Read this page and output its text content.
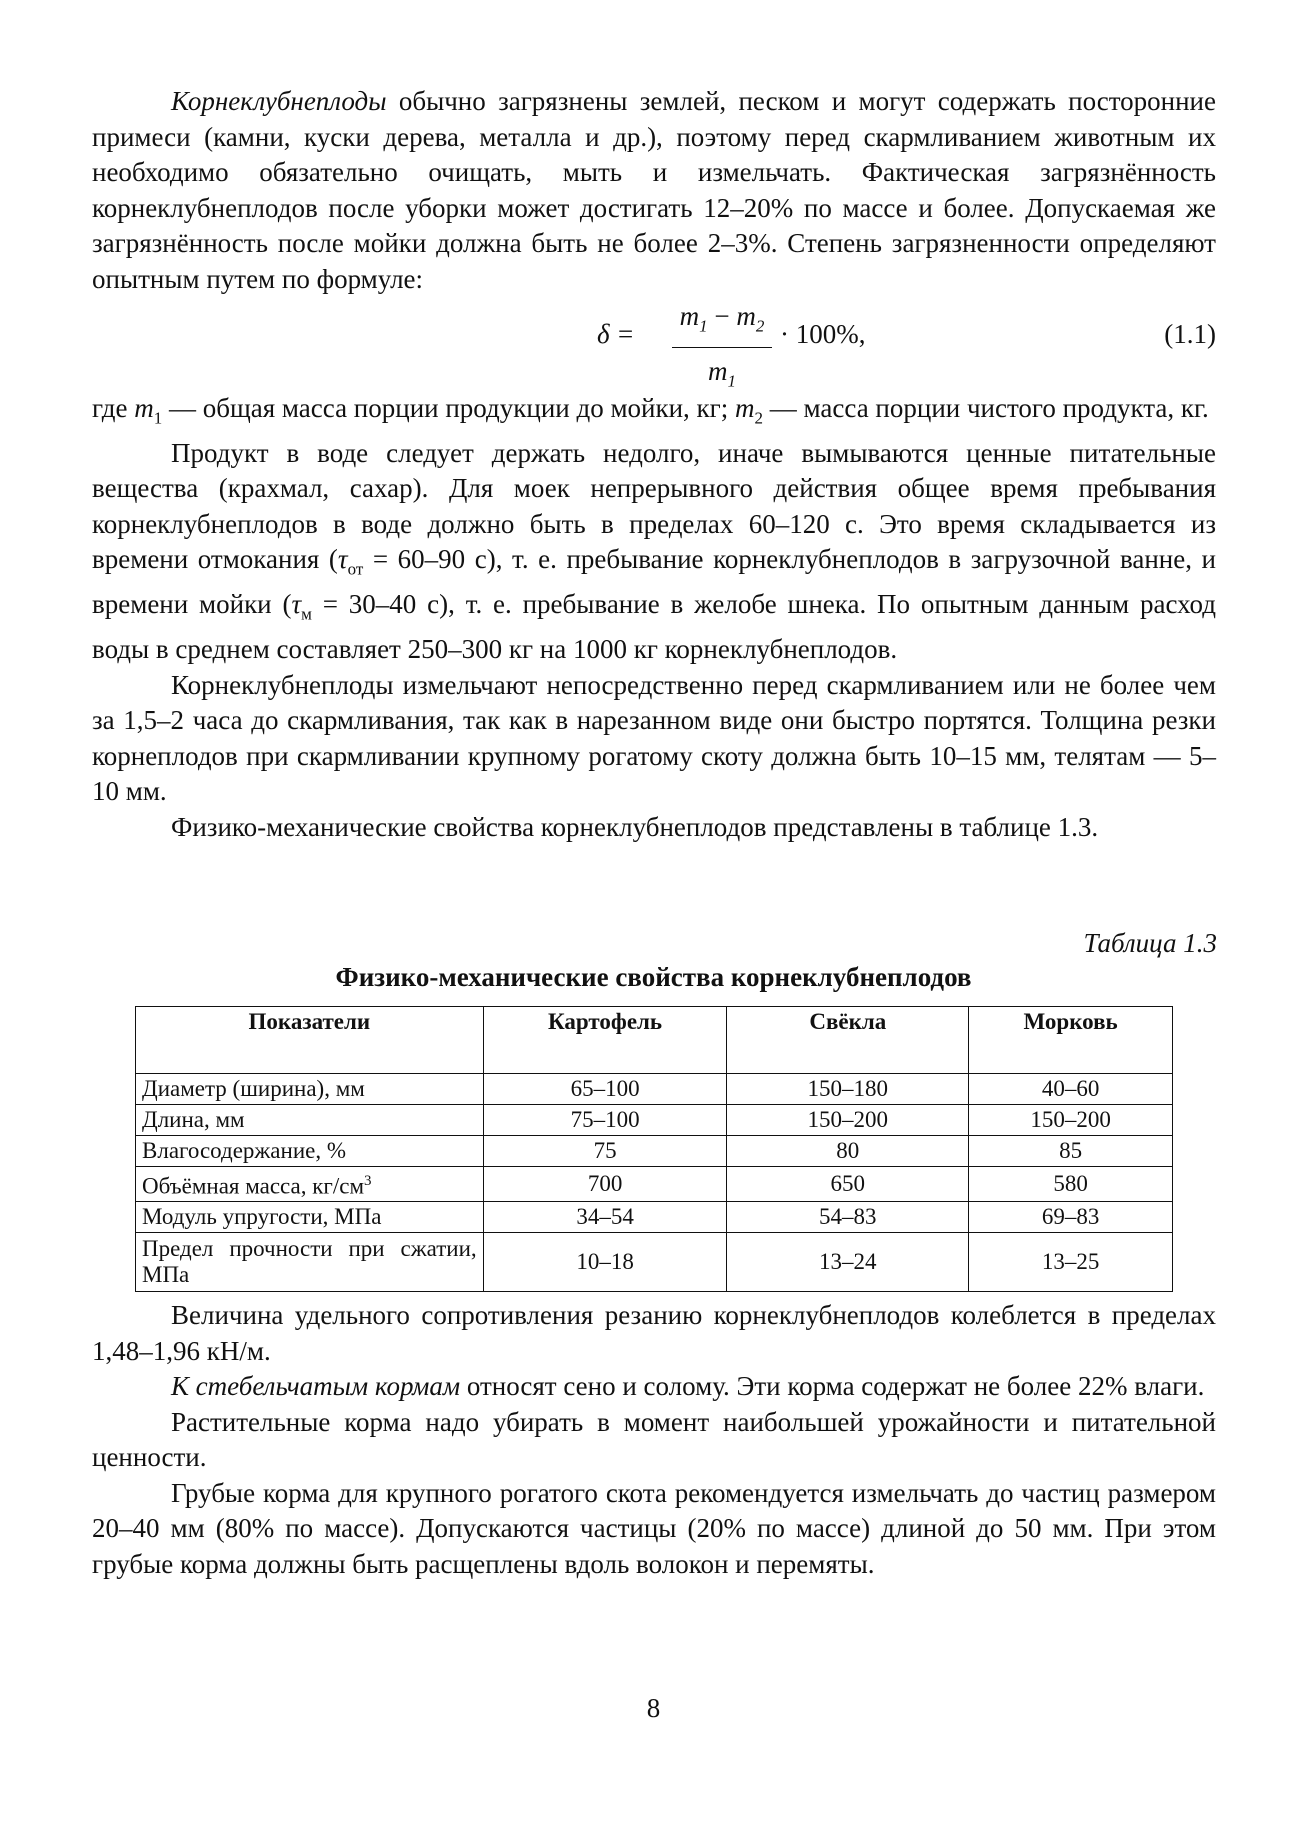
Корнеклубнеплоды обычно загрязнены землей, песком и могут содержать посторонние примеси (камни, куски дерева, металла и др.), поэтому перед скармливанием животным их необходимо обязательно очищать, мыть и измельчать. Фактическая загрязнённость корнеклубнеплодов после уборки может достигать 12–20% по массе и более. Допускаемая же загрязнённость после мойки должна быть не более 2–3%. Степень загрязненности определяют опытным путем по формуле:

$\delta = \frac{m_1 - m_2}{m_1} \cdot 100\%$,	(1.1)

где $m_1$ — общая масса порции продукции до мойки, кг; $m_2$ — масса порции чистого продукта, кг.

Продукт в воде следует держать недолго, иначе вымываются ценные питательные вещества (крахмал, сахар). Для моек непрерывного действия общее время пребывания корнеклубнеплодов в воде должно быть в пределах 60–120 с. Это время складывается из времени отмокания ($\tau_{от} = 60-90$ с), т. е. пребывание корнеклубнеплодов в загрузочной ванне, и времени мойки ($\tau_м = 30-40$ с), т. е. пребывание в желобе шнека. По опытным данным расход воды в среднем составляет 250–300 кг на 1000 кг корнеклубнеплодов.

Корнеклубнеплоды измельчают непосредственно перед скармливанием или не более чем за 1,5–2 часа до скармливания, так как в нарезанном виде они быстро портятся. Толщина резки корнеплодов при скармливании крупному рогатому скоту должна быть 10–15 мм, телятам — 5–10 мм.

Физико-механические свойства корнеклубнеплодов представлены в таблице 1.3.

Таблица 1.3
Физико-механические свойства корнеклубнеплодов
Показатели	Картофель	Свёкла	Морковь
Диаметр (ширина), мм	65–100	150–180	40–60
Длина, мм	75–100	150–200	150–200
Влагосодержание, %	75	80	85
Объёмная масса, $кг/см^3$	700	650	580
Модуль упругости, МПа	34–54	54–83	69–83
Предел прочности при сжатии, МПа	10–18	13–24	13–25

Величина удельного сопротивления резанию корнеклубнеплодов колеблется в пределах 1,48–1,96 кН/м.

К стебельчатым кормам относят сено и солому. Эти корма содержат не более 22% влаги.

Растительные корма надо убирать в момент наибольшей урожайности и питательной ценности.

Грубые корма для крупного рогатого скота рекомендуется измельчать до частиц размером 20–40 мм (80% по массе). Допускаются частицы (20% по массе) длиной до 50 мм. При этом грубые корма должны быть расщеплены вдоль волокон и перемяты.

8
